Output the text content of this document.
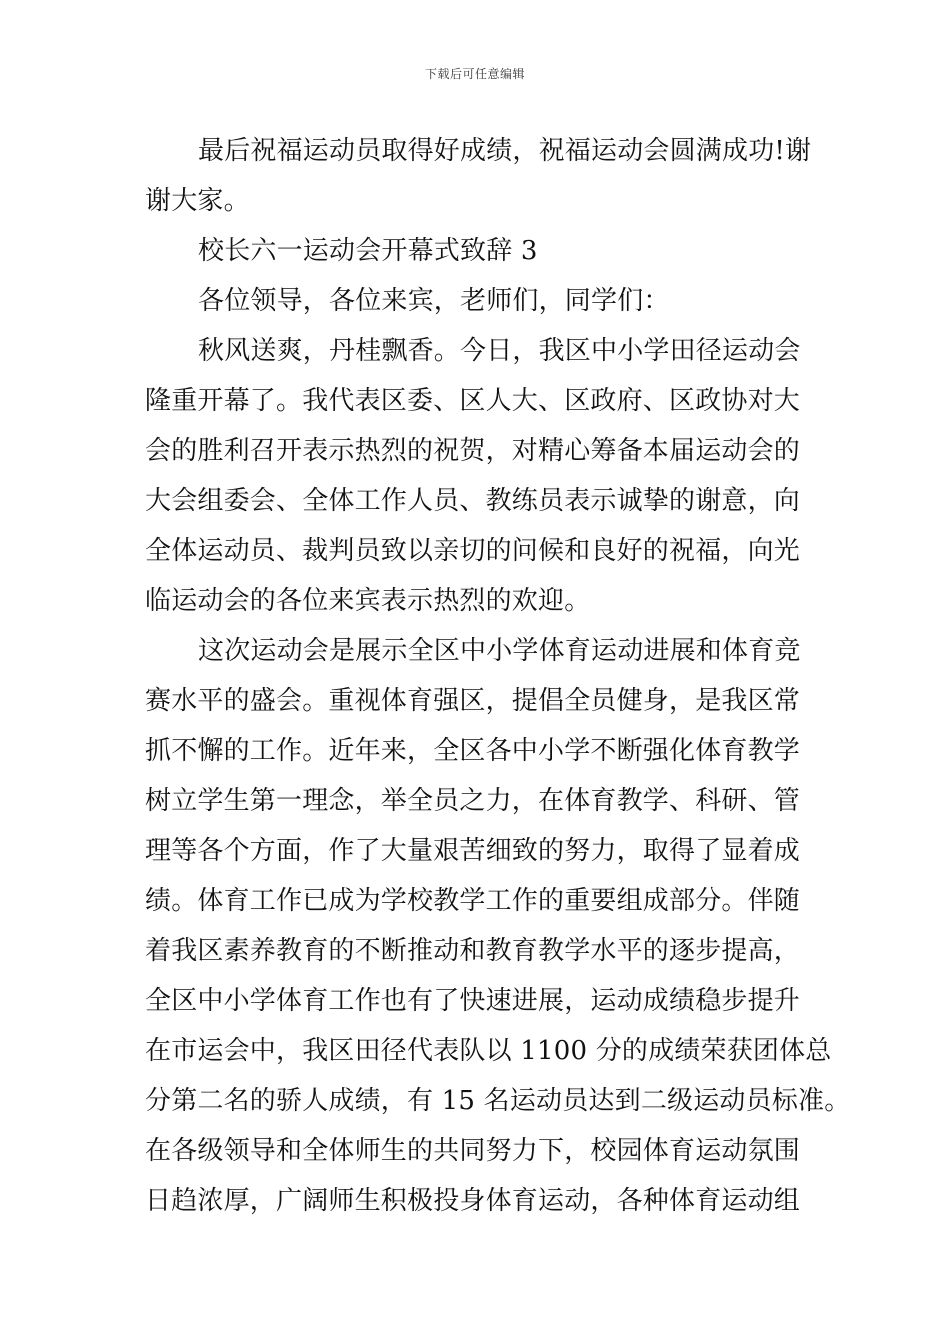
下载后可任意编辑
最后祝福运动员取得好成绩，祝福运动会圆满成功!谢
谢大家。
校长六一运动会开幕式致辞 3
各位领导，各位来宾，老师们，同学们：
秋风送爽，丹桂飘香。今日，我区中小学田径运动会
隆重开幕了。我代表区委、区人大、区政府、区政协对大
会的胜利召开表示热烈的祝贺，对精心筹备本届运动会的
大会组委会、全体工作人员、教练员表示诚挚的谢意，向
全体运动员、裁判员致以亲切的问候和良好的祝福，向光
临运动会的各位来宾表示热烈的欢迎。
这次运动会是展示全区中小学体育运动进展和体育竞
赛水平的盛会。重视体育强区，提倡全员健身，是我区常
抓不懈的工作。近年来，全区各中小学不断强化体育教学
树立学生第一理念，举全员之力，在体育教学、科研、管
理等各个方面，作了大量艰苦细致的努力，取得了显着成
绩。体育工作已成为学校教学工作的重要组成部分。伴随
着我区素养教育的不断推动和教育教学水平的逐步提高，
全区中小学体育工作也有了快速进展，运动成绩稳步提升
在市运会中，我区田径代表队以 1100 分的成绩荣获团体总
分第二名的骄人成绩，有 15 名运动员达到二级运动员标准。
在各级领导和全体师生的共同努力下，校园体育运动氛围
日趋浓厚，广阔师生积极投身体育运动，各种体育运动组
